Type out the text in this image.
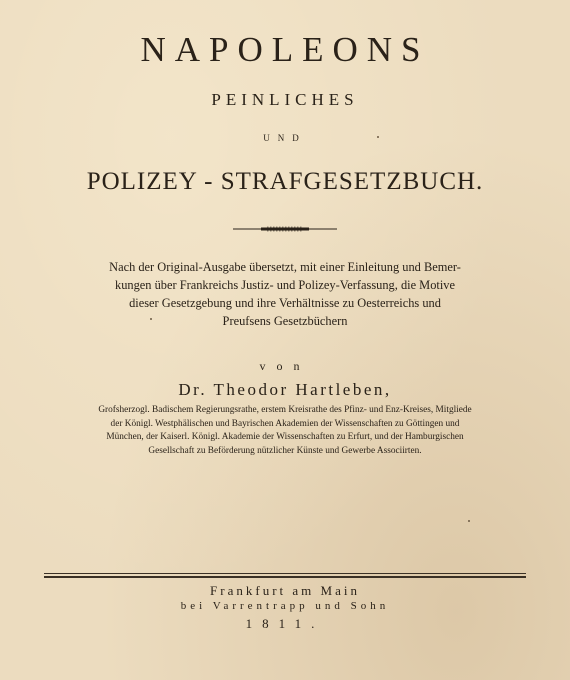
NAPOLEONS
PEINLICHES
UND
POLIZEY - STRAFGESETZBUCH.
Nach der Original-Ausgabe übersetzt, mit einer Einleitung und Bemer-
kungen über Frankreichs Justiz- und Polizey-Verfassung, die Motive
dieser Gesetzgebung und ihre Verhältnisse zu Oesterreichs und
Preufsens Gesetzbüchern
von
Dr. Theodor Hartleben,
Grofsherzogl. Badischem Regierungsrathe, erstem Kreisrathe des Pfinz- und Enz-Kreises, Mitgliede
der Königl. Westphälischen und Bayrischen Akademien der Wissenschaften zu Göttingen und
München, der Kaiserl. Königl. Akademie der Wissenschaften zu Erfurt, und der Hamburgischen
Gesellschaft zu Beförderung nützlicher Künste und Gewerbe Associirten.
Frankfurt am Main
bei Varrentrapp und Sohn
1811.
